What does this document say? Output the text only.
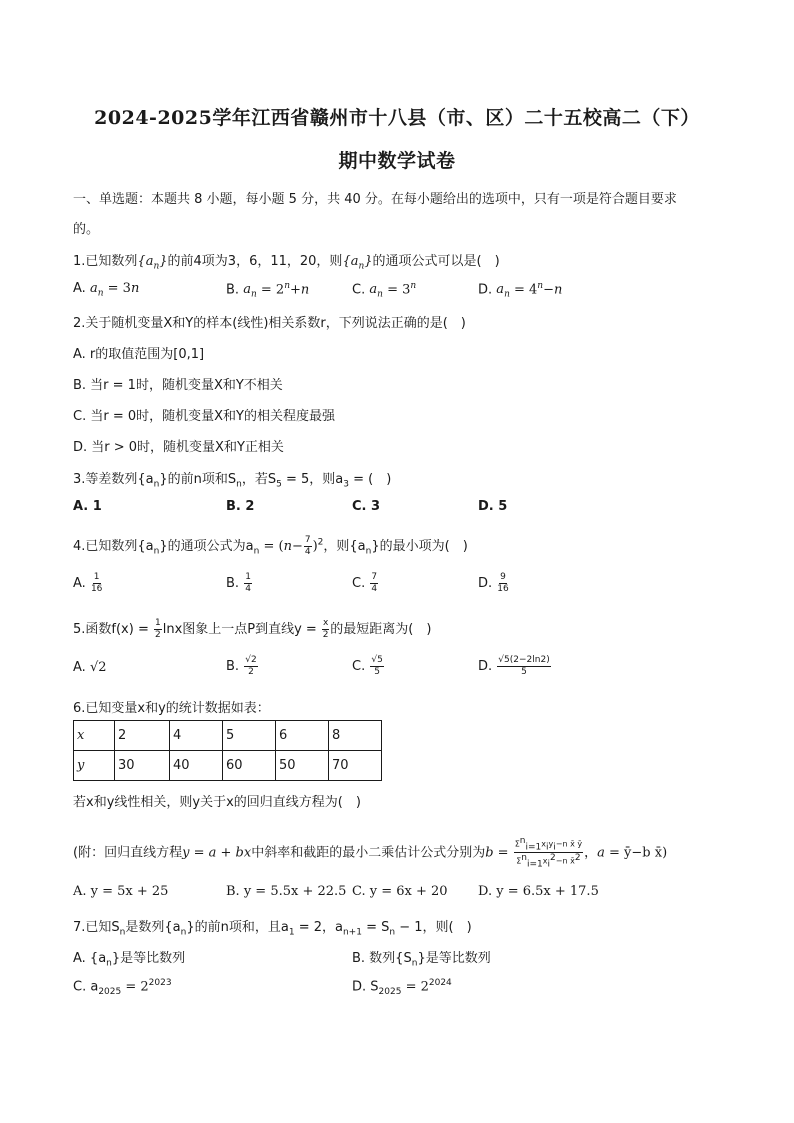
2024-2025学年江西省赣州市十八县（市、区）二十五校高二（下）
期中数学试卷
一、单选题：本题共 8 小题，每小题 5 分，共 40 分。在每小题给出的选项中，只有一项是符合题目要求
的。
1.已知数列$\{a_n\}$的前4项为3，6，11，20，则$\{a_n\}$的通项公式可以是(　)
A. $a_n = 3n$	B. $a_n = 2^n+n$	C. $a_n = 3^n$	D. $a_n = 4^n-n$
2.关于随机变量X和Y的样本(线性)相关系数r，下列说法正确的是(　)
A. r的取值范围为[0,1]
B. 当r = 1时，随机变量X和Y不相关
C. 当r = 0时，随机变量X和Y的相关程度最强
D. 当r > 0时，随机变量X和Y正相关
3.等差数列$\{a_n\}$的前n项和$S_n$，若$S_5 = 5$，则$a_3$ = (　)
A. 1	B. 2	C. 3	D. 5
4.已知数列$\{a_n\}$的通项公式为$a_n = (n- \frac{7}{4} )^2$，则$\{a_n\}$的最小项为(　)
A. $\frac{1}{16}$	B. $\frac{1}{4}$	C. $\frac{7}{4}$	D. $\frac{9}{16}$
5.函数$f(x) = \frac{1}{2}$ lnx图象上一点P到直线$y = \frac{x}{2}$ 的最短距离为(　)
A. √2	B. $\frac{√2}{2}$	C. $\frac{√5}{5}$	D. $\frac{√5(2-2\ln 2)}{5}$
6.已知变量x和y的统计数据如表：
x	2	4	5	6	8
y	30	40	60	50	70
若x和y线性相关，则y关于x的回归直线方程为(　)
(附：回归直线方程y = a + bx中斜率和截距的最小二乘估计公式分别为$b = \frac{\Sigma^n_{i=1}x_iy_i-n x̄ ȳ}{\Sigma^n_{i=1}x_i^2-n x̄^2}$ ，a = ȳ−b x̄)
A. y = 5x + 25	B. y = 5.5x + 22.5 C. y = 6x + 20 D. y = 6.5x + 17.5
7.已知$S_n$是数列$\{a_n\}$的前n项和，且$a_1 = 2$，$a_{n+1} = S_n - 1$，则(　)
A. $\{a_n\}$是等比数列	B. 数列$\{S_n\}$是等比数列
C. $a_{2025} = 2^{2023}$	D. $S_{2025} = 2^{2024}$
